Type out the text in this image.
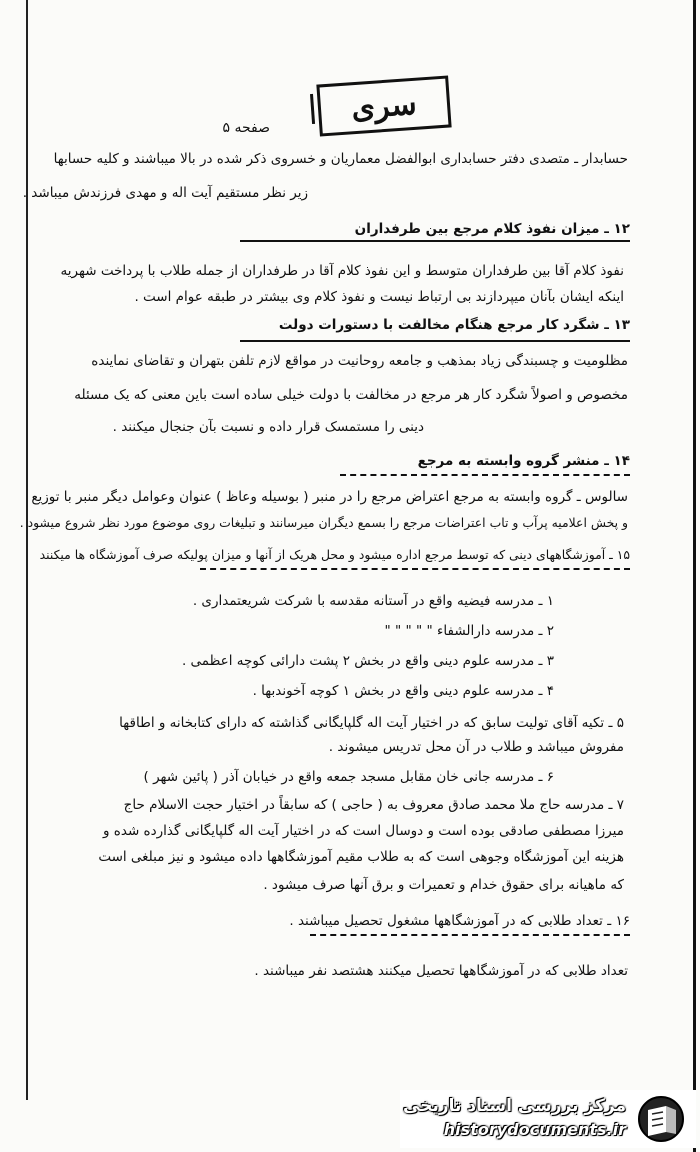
سری
صفحه ۵
حسابدار ـ متصدی دفتر حسابداری ابوالفضل معماریان و خسروی ذکر شده در بالا میباشند و کلیه حسابها
زیر نظر مستقیم آیت اله و مهدی فرزندش میباشد .
۱۲ ـ میزان نفوذ کلام مرجع بین طرفداران
نفوذ کلام آقا بین طرفداران متوسط و این نفوذ کلام آقا در طرفداران از جمله طلاب با پرداخت شهریه
اینکه ایشان بآنان میپردازند بی ارتباط نیست و نفوذ کلام وی بیشتر در طبقه عوام است .
۱۳ ـ شگرد کار مرجع هنگام مخالفت با دستورات دولت
مظلومیت و چسبندگی زیاد بمذهب و جامعه روحانیت در مواقع لازم تلفن بتهران و تقاضای نماینده
مخصوص و اصولاً شگرد کار هر مرجع در مخالفت با دولت خیلی ساده است باین معنی که یک مسئله
دینی را مستمسک قرار داده و نسبت بآن جنجال میکنند .
۱۴ ـ منشر گروه وابسته به مرجع
سالوس ـ گروه وابسته به مرجع اعتراض مرجع را در منبر ( بوسیله وعاظ ) عنوان وعوامل دیگر منبر با توزیع
و پخش اعلامیه پرآب و تاب اعتراضات مرجع را بسمع دیگران میرسانند و تبلیغات روی موضوع مورد نظر شروع میشود .
۱۵ ـ آموزشگاههای دینی که توسط مرجع اداره میشود و محل هریک از آنها و میزان پولیکه صرف آموزشگاه ها میکنند
۱ ـ مدرسه فیضیه واقع در آستانه مقدسه با شرکت شریعتمداری .
۲ ـ مدرسه دارالشفاء " " " " "
۳ ـ مدرسه علوم دینی واقع در بخش ۲ پشت دارائی کوچه اعظمی .
۴ ـ مدرسه علوم دینی واقع در بخش ۱ کوچه آخوندبها .
۵ ـ تکیه آقای تولیت سابق که در اختیار آیت اله گلپایگانی گذاشته که دارای کتابخانه و اطاقها
مفروش میباشد و طلاب در آن محل تدریس میشوند .
۶ ـ مدرسه جانی خان مقابل مسجد جمعه واقع در خیابان آذر ( پائین شهر )
۷ ـ مدرسه حاج ملا محمد صادق معروف به ( حاجی ) که سابقاً در اختیار حجت الاسلام حاج
میرزا مصطفی صادقی بوده است و دوسال است که در اختیار آیت اله گلپایگانی گذارده شده و
هزینه این آموزشگاه وجوهی است که به طلاب مقیم آموزشگاهها داده میشود و نیز مبلغی است
که ماهیانه برای حقوق خدام و تعمیرات و برق آنها صرف میشود .
۱۶ ـ تعداد طلابی که در آموزشگاهها مشغول تحصیل میباشند .
تعداد طلابی که در آموزشگاهها تحصیل میکنند هشتصد نفر میباشند .
مرکز بررسی اسناد تاریخی
historydocuments.ir
